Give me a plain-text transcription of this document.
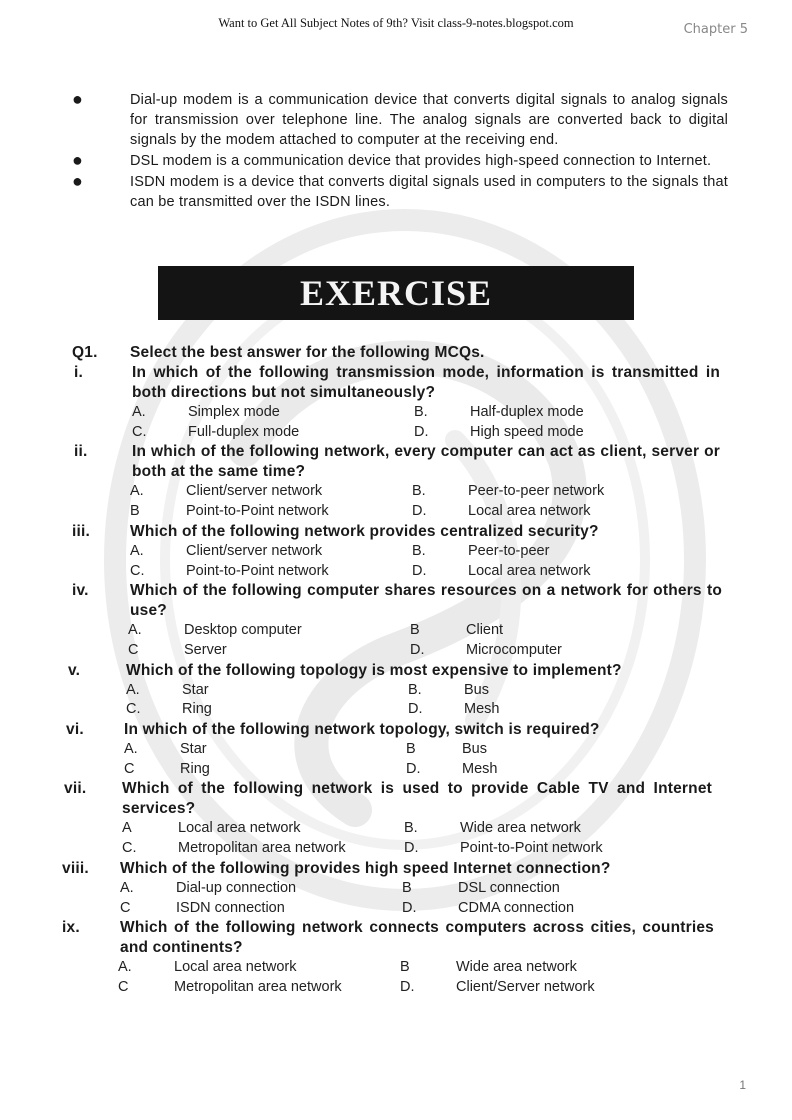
Want to Get All Subject Notes of 9th? Visit class-9-notes.blogspot.com	Chapter 5
●	Dial-up modem is a communication device that converts digital signals to analog signals for transmission over telephone line. The analog signals are converted back to digital signals by the modem attached to computer at the receiving end.
●	DSL modem is a communication device that provides high-speed connection to Internet.
●	ISDN modem is a device that converts digital signals used in computers to the signals that can be transmitted over the ISDN lines.
EXERCISE
Q1.	Select the best answer for the following MCQs.
i.	In which of the following transmission mode, information is transmitted in both directions but not simultaneously?
A.	Simplex mode	B.	Half-duplex mode
C.	Full-duplex mode	D.	High speed mode
ii.	In which of the following network, every computer can act as client, server or both at the same time?
A.	Client/server network	B.	Peer-to-peer network
B	Point-to-Point network	D.	Local area network
iii.	Which of the following network provides centralized security?
A.	Client/server network	B.	Peer-to-peer
C.	Point-to-Point network	D.	Local area network
iv.	Which of the following computer shares resources on a network for others to use?
A.	Desktop computer	B	Client
C	Server	D.	Microcomputer
v.	Which of the following topology is most expensive to implement?
A.	Star	B.	Bus
C.	Ring	D.	Mesh
vi.	In which of the following network topology, switch is required?
A.	Star	B	Bus
C	Ring	D.	Mesh
vii.	Which of the following network is used to provide Cable TV and Internet services?
A	Local area network	B.	Wide area network
C.	Metropolitan area network	D.	Point-to-Point network
viii.	Which of the following provides high speed Internet connection?
A.	Dial-up connection	B	DSL connection
C	ISDN connection	D.	CDMA connection
ix.	Which of the following network connects computers across cities, countries and continents?
A.	Local area network	B	Wide area network
C	Metropolitan area network	D.	Client/Server network
1
